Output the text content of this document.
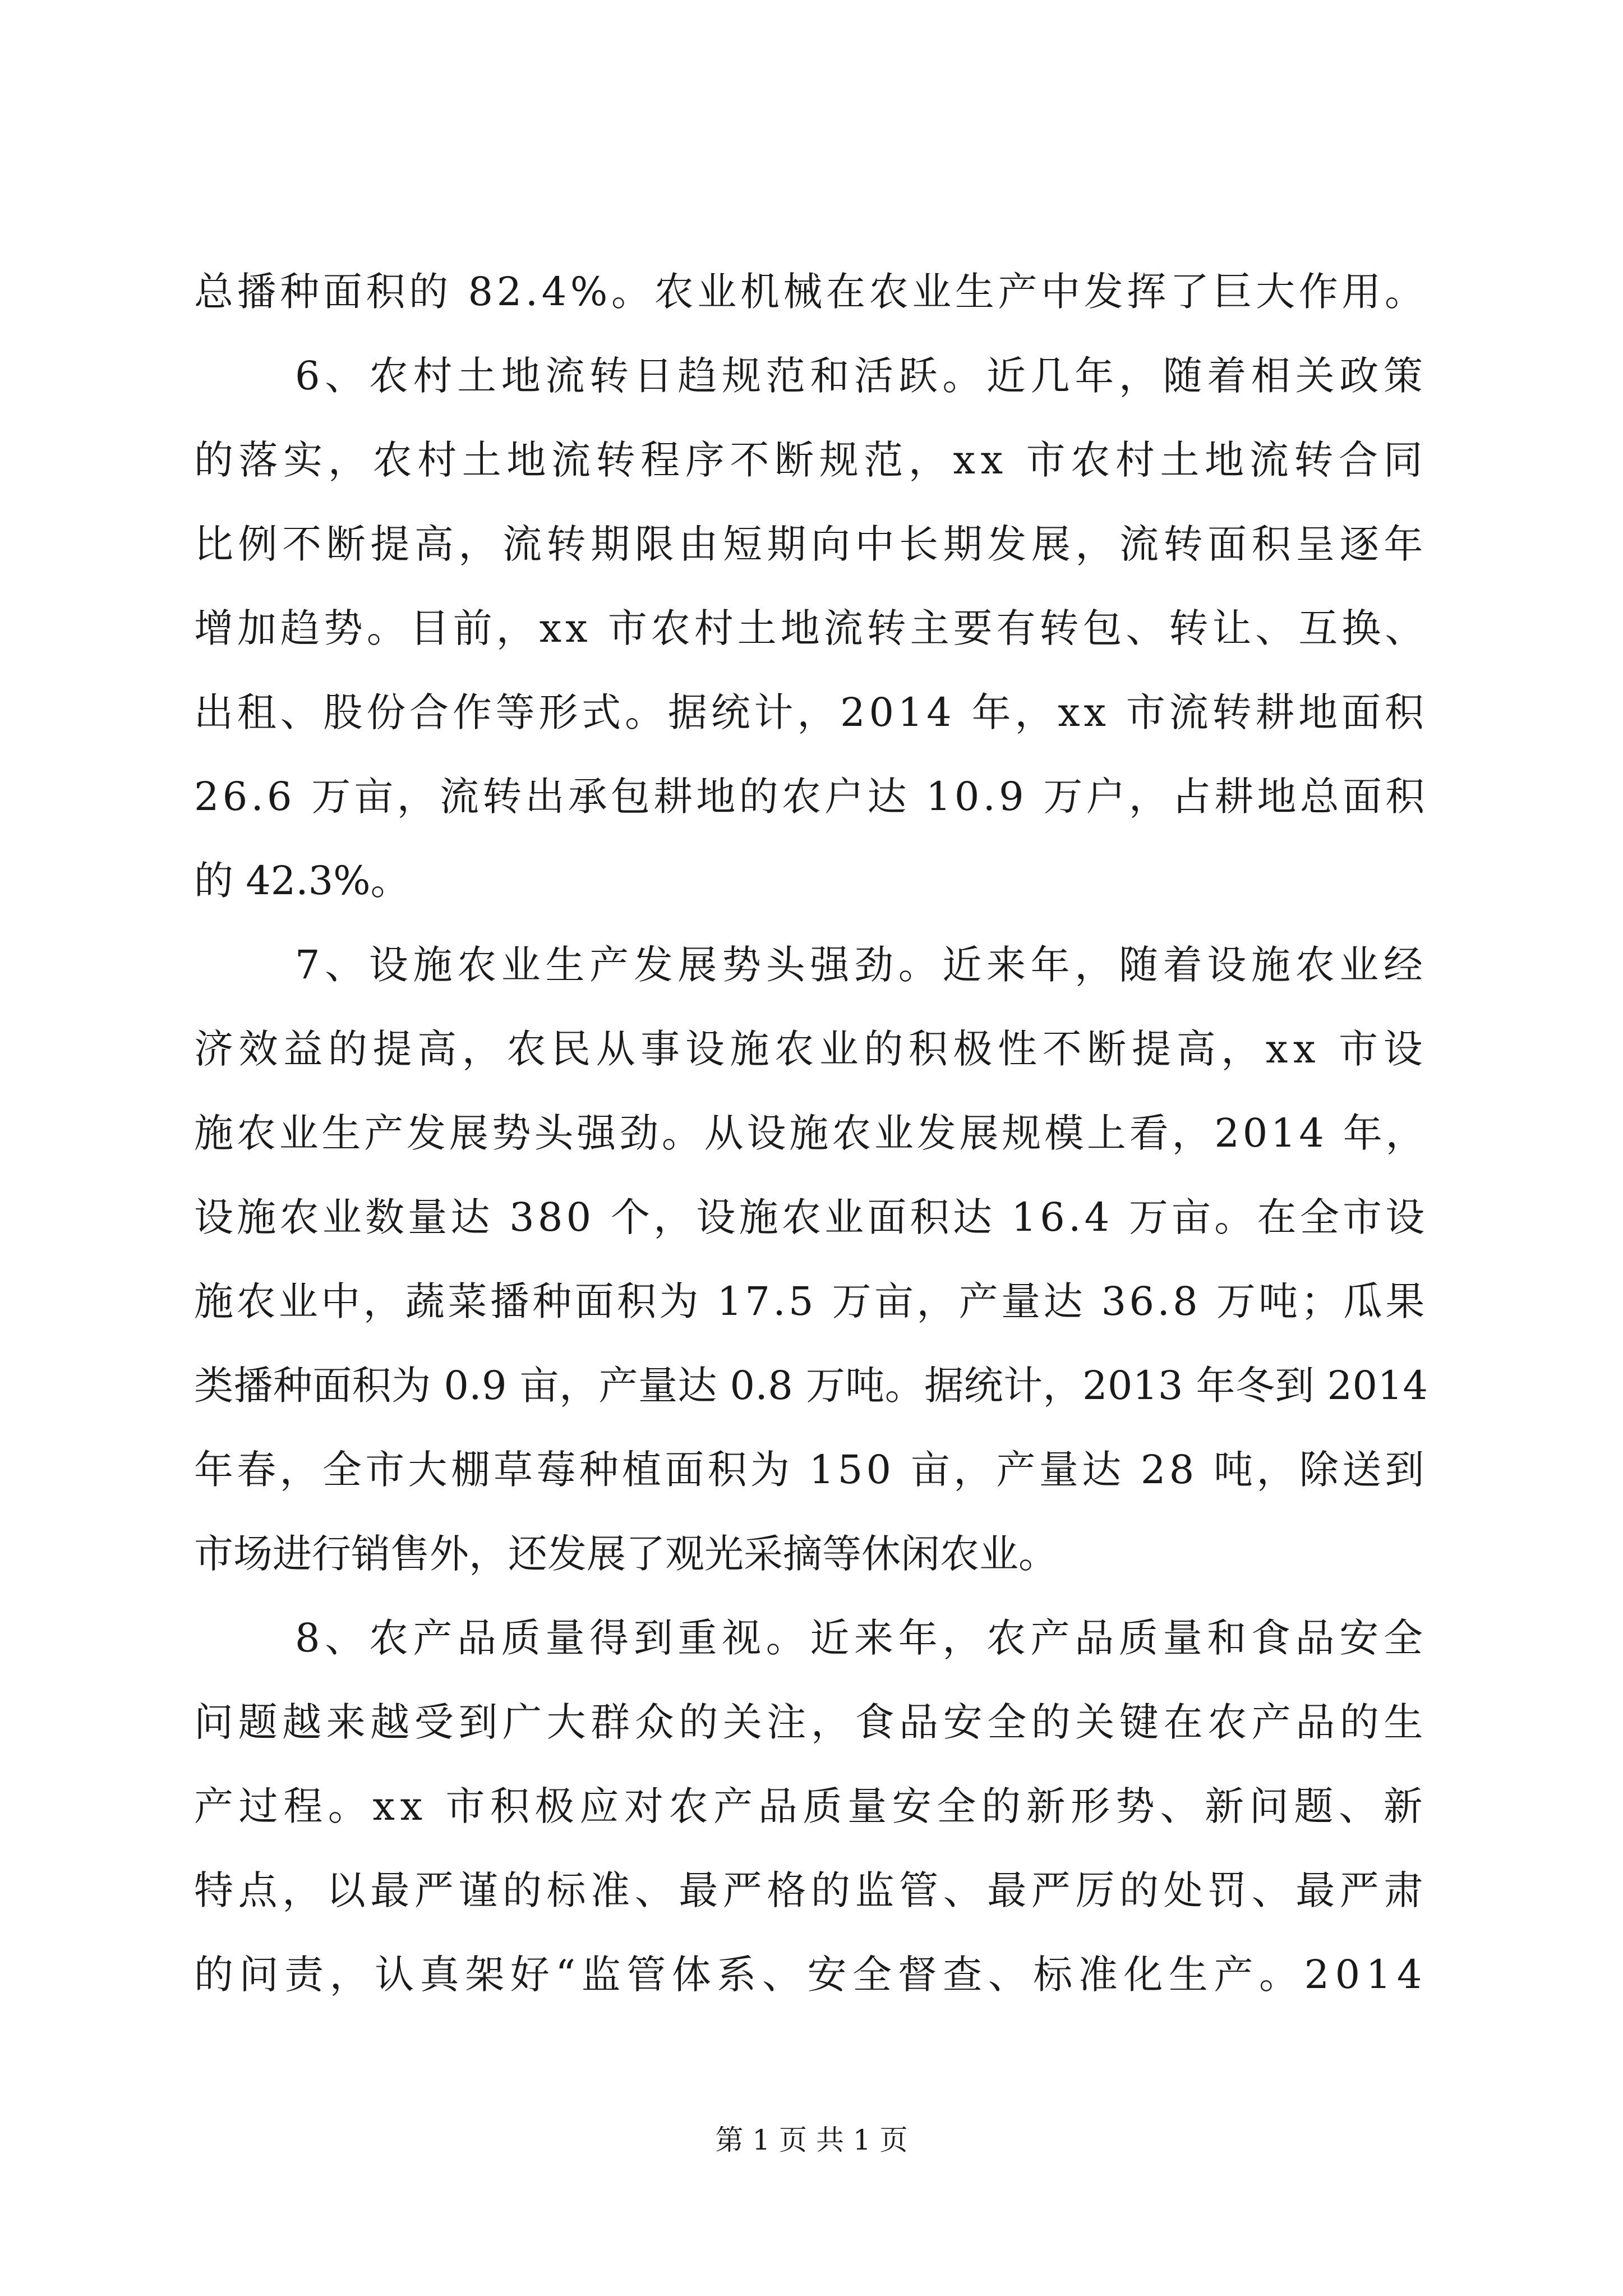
总播种面积的 82.4%。农业机械在农业生产中发挥了巨大作用。
6、农村土地流转日趋规范和活跃。近几年，随着相关政策
的落实，农村土地流转程序不断规范，xx 市农村土地流转合同
比例不断提高，流转期限由短期向中长期发展，流转面积呈逐年
增加趋势。目前，xx 市农村土地流转主要有转包、转让、互换、
出租、股份合作等形式。据统计，2014 年，xx 市流转耕地面积
26.6 万亩，流转出承包耕地的农户达 10.9 万户，占耕地总面积
的 42.3%。
7、设施农业生产发展势头强劲。近来年，随着设施农业经
济效益的提高，农民从事设施农业的积极性不断提高，xx 市设
施农业生产发展势头强劲。从设施农业发展规模上看，2014 年，
设施农业数量达 380 个，设施农业面积达 16.4 万亩。在全市设
施农业中，蔬菜播种面积为 17.5 万亩，产量达 36.8 万吨；瓜果
类播种面积为 0.9 亩，产量达 0.8 万吨。据统计，2013 年冬到 2014
年春，全市大棚草莓种植面积为 150 亩，产量达 28 吨，除送到
市场进行销售外，还发展了观光采摘等休闲农业。
8、农产品质量得到重视。近来年，农产品质量和食品安全
问题越来越受到广大群众的关注，食品安全的关键在农产品的生
产过程。xx 市积极应对农产品质量安全的新形势、新问题、新
特点，以最严谨的标准、最严格的监管、最严厉的处罚、最严肃
的问责，认真架好“监管体系、安全督查、标准化生产。2014
第 1 页 共 1 页
